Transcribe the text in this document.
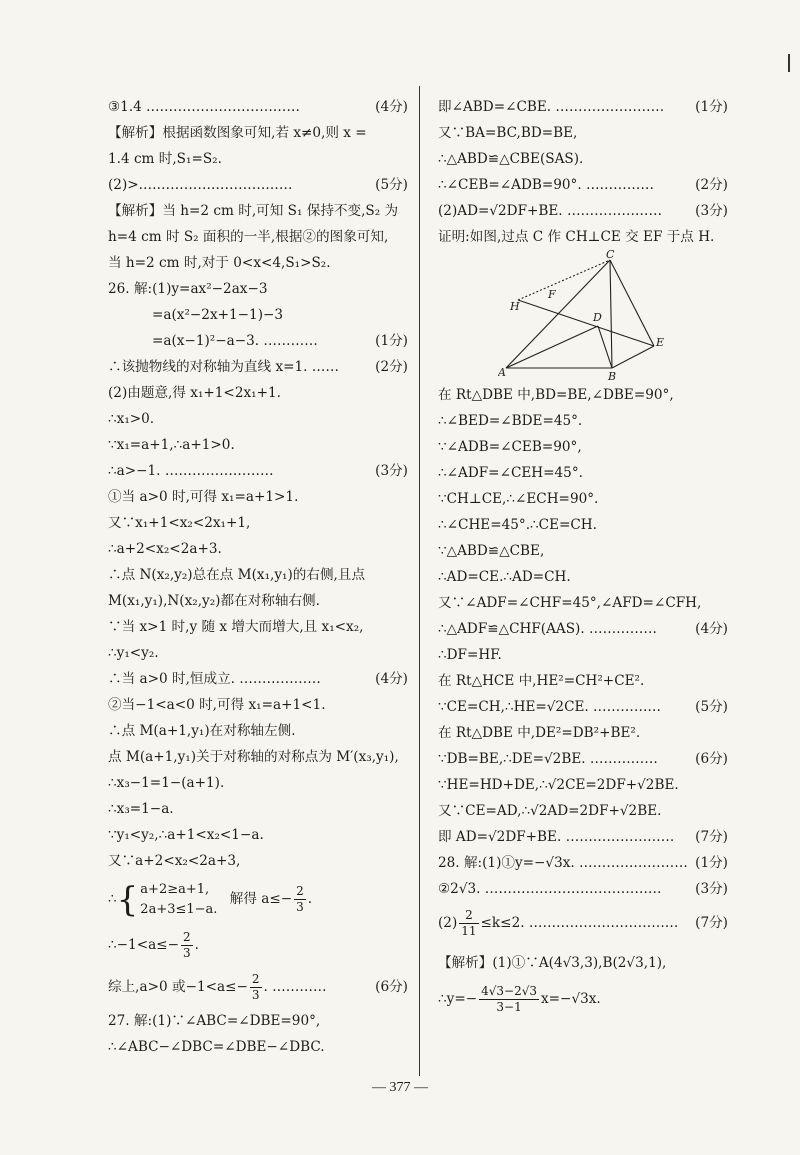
③1.4 .……………………………	(4分)
【解析】根据函数图象可知,若 x≠0,则 x =
1.4 cm 时,S₁=S₂.
(2)>.……………………………	(5分)
【解析】当 h=2 cm 时,可知 S₁ 保持不变,S₂ 为
h=4 cm 时 S₂ 面积的一半,根据②的图象可知,
当 h=2 cm 时,对于 0<x<4,S₁>S₂.
26. 解:(1)y=ax²−2ax−3
=a(x²−2x+1−1)−3
=a(x−1)²−a−3. …………	(1分)
∴该抛物线的对称轴为直线 x=1. ……	(2分)
(2)由题意,得 x₁+1<2x₁+1.
∴x₁>0.
∵x₁=a+1,∴a+1>0.
∴a>−1. ……………………	(3分)
①当 a>0 时,可得 x₁=a+1>1.
又∵x₁+1<x₂<2x₁+1,
∴a+2<x₂<2a+3.
∴点 N(x₂,y₂)总在点 M(x₁,y₁)的右侧,且点
M(x₁,y₁),N(x₂,y₂)都在对称轴右侧.
∵当 x>1 时,y 随 x 增大而增大,且 x₁<x₂,
∴y₁<y₂.
∴当 a>0 时,恒成立. ………………	(4分)
②当−1<a<0 时,可得 x₁=a+1<1.
∴点 M(a+1,y₁)在对称轴左侧.
点 M(a+1,y₁)关于对称轴的对称点为 M′(x₃,y₁),
∴x₃−1=1−(a+1).
∴x₃=1−a.
∵y₁<y₂,∴a+1<x₂<1−a.
又∵a+2<x₂<2a+3,
∴{ a+2≥a+1,
2a+3≤1−a.
解得 $a\le- \frac{2}{3}$ .
∴−1<a≤− $\frac{2}{3}$ .
综上,a>0 或$-1<a\le- \frac{2}{3}$ . …………	(6分)
27. 解:(1)∵∠ABC=∠DBE=90°,
∴∠ABC−∠DBC=∠DBE−∠DBC.
即∠ABD=∠CBE. …………………… (1分)
又∵BA=BC,BD=BE,
∴△ABD≌△CBE(SAS).
∴∠CEB=∠ADB=90°. ……………	(2分)
(2)AD=√2DF+BE. ………………… (3分)
证明:如图,过点 C 作 CH⊥CE 交 EF 于点 H.
C
H
F
D
E
A	B
在 Rt△DBE 中,BD=BE,∠DBE=90°,
∴∠BED=∠BDE=45°.
∵∠ADB=∠CEB=90°,
∴∠ADF=∠CEH=45°.
∵CH⊥CE,∴∠ECH=90°.
∴∠CHE=45°.∴CE=CH.
∵△ABD≌△CBE,
∴AD=CE.∴AD=CH.
又∵∠ADF=∠CHF=45°,∠AFD=∠CFH,
∴△ADF≌△CHF(AAS). ……………	(4分)
∴DF=HF.
在 Rt△HCE 中,HE²=CH²+CE².
∵CE=CH,∴HE=√2CE. ……………	(5分)
在 Rt△DBE 中,DE²=DB²+BE².
∵DB=BE,∴DE=√2BE. ……………	(6分)
∵HE=HD+DE,∴√2CE=2DF+√2BE.
又∵CE=AD,∴√2AD=2DF+√2BE.
即 AD=√2DF+BE. …………………… (7分)
28. 解:(1)①y=−√3x. …………………… (1分)
②2√3. ………………………………… (3分)
$(2) \frac{2}{11} \le k\le 2$. …………………………… (7分)
【解析】(1)①∵A(4√3,3),B(2√3,1),
∴y=− $\frac{4√3-2√3}{3-1} x=-√3x$.
— 377 —
